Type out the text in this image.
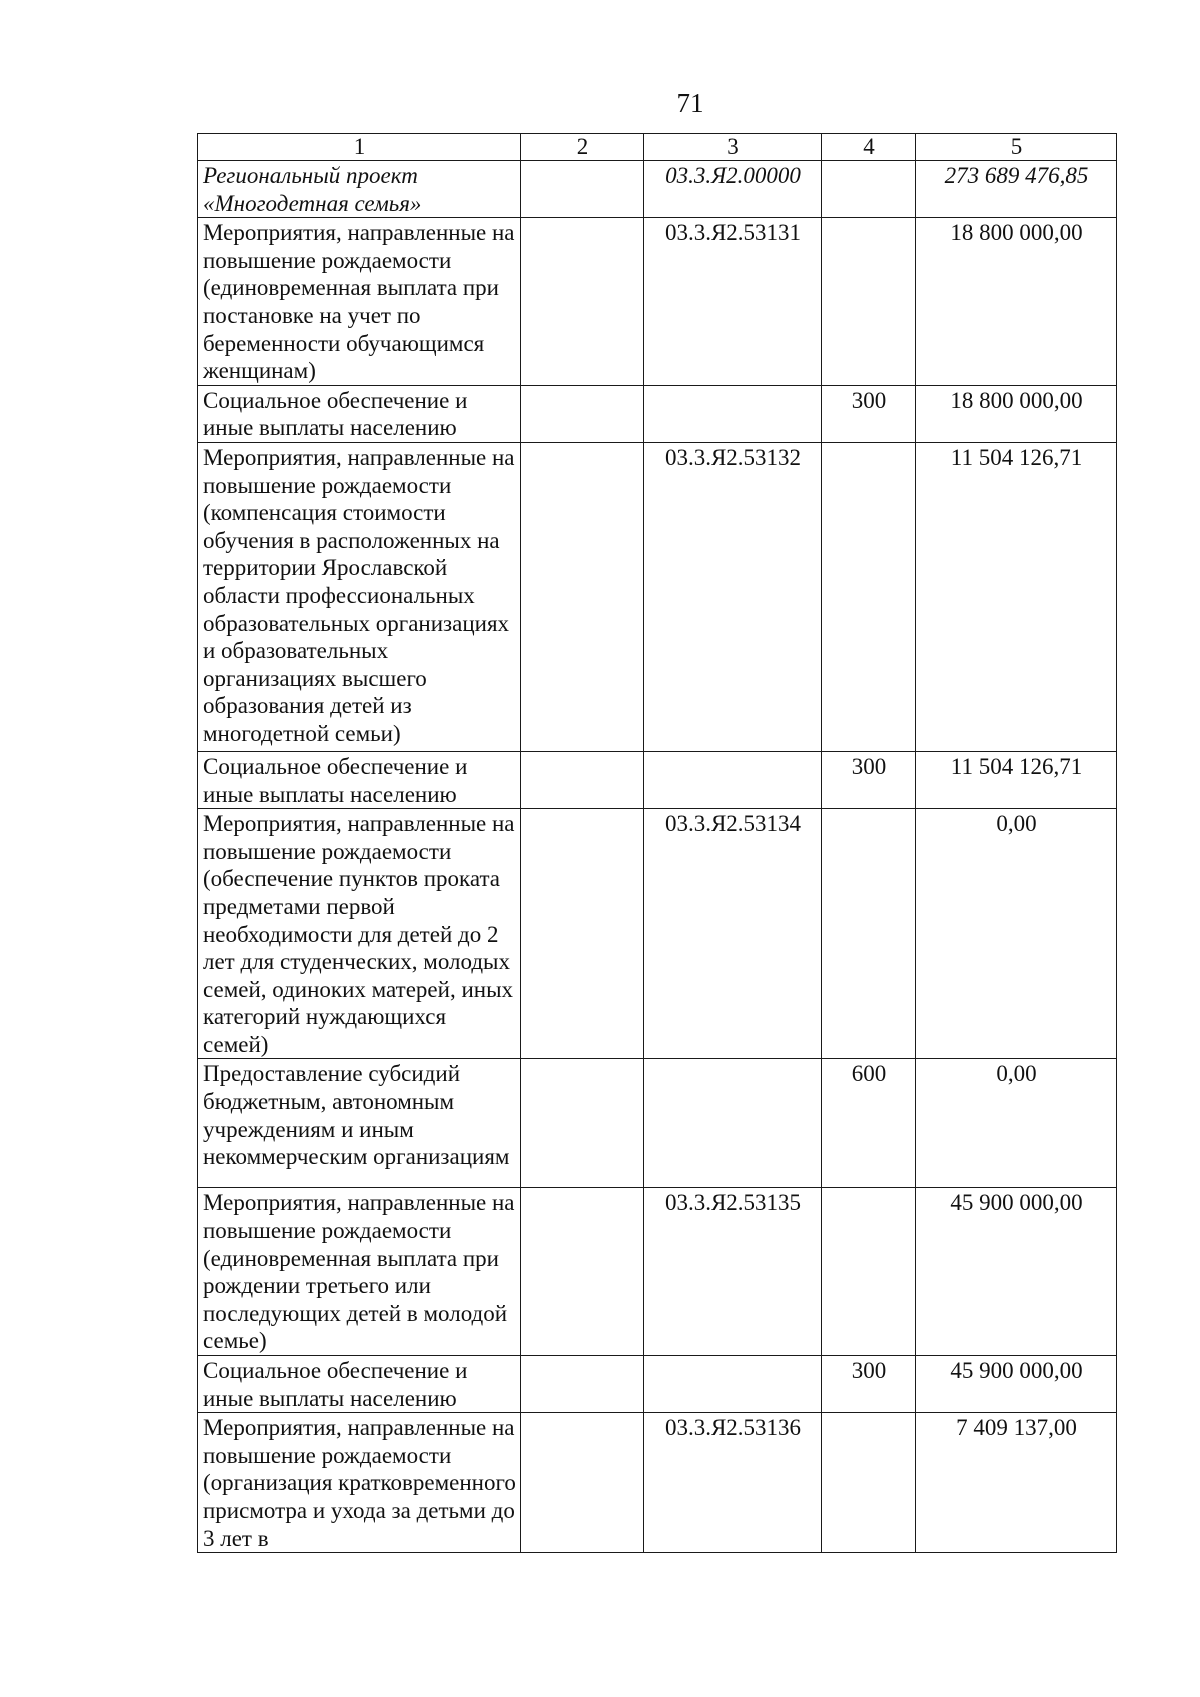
71
1	2	3	4	5
Региональный проект «Многодетная семья»		03.3.Я2.00000		273 689 476,85
Мероприятия, направленные на повышение рождаемости (единовременная выплата при постановке на учет по беременности обучающимся женщинам)		03.3.Я2.53131		18 800 000,00
Социальное обеспечение и иные выплаты населению			300	18 800 000,00
Мероприятия, направленные на повышение рождаемости (компенсация стоимости обучения в расположенных на территории Ярославской области профессиональных образовательных организациях и образовательных организациях высшего образования детей из многодетной семьи)		03.3.Я2.53132		11 504 126,71
Социальное обеспечение и иные выплаты населению			300	11 504 126,71
Мероприятия, направленные на повышение рождаемости (обеспечение пунктов проката предметами первой необходимости для детей до 2 лет для студенческих, молодых семей, одиноких матерей, иных категорий нуждающихся семей)		03.3.Я2.53134		0,00
Предоставление субсидий бюджетным, автономным учреждениям и иным некоммерческим организациям			600	0,00
Мероприятия, направленные на повышение рождаемости (единовременная выплата при рождении третьего или последующих детей в молодой семье)		03.3.Я2.53135		45 900 000,00
Социальное обеспечение и иные выплаты населению			300	45 900 000,00
Мероприятия, направленные на повышение рождаемости (организация кратковременного присмотра и ухода за детьми до 3 лет в		03.3.Я2.53136		7 409 137,00
